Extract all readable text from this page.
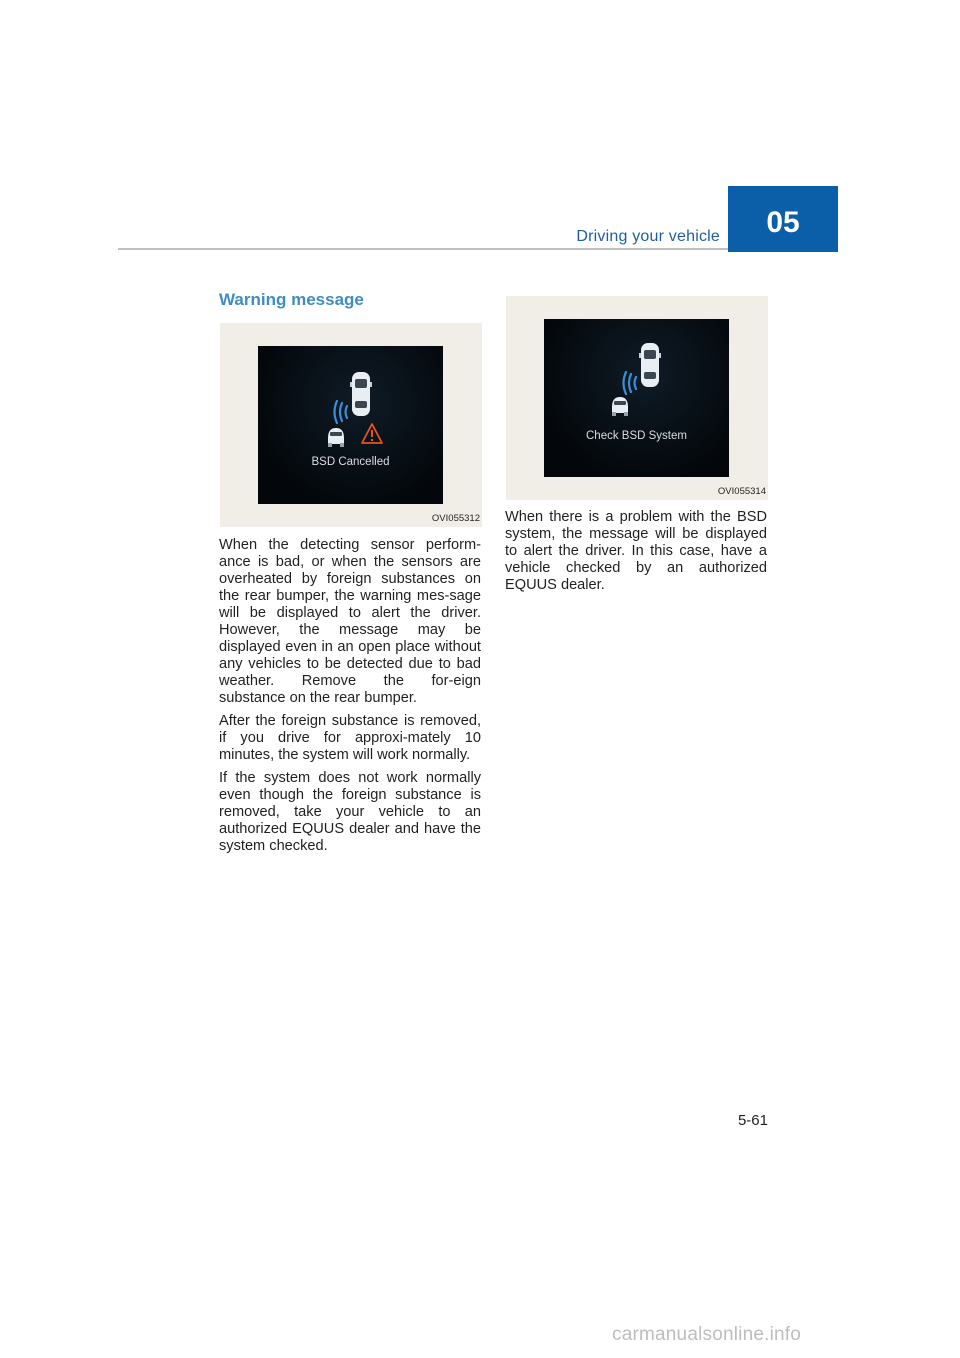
Driving your vehicle	05
Warning message
BSD Cancelled
OVI055312
Check BSD System
OVI055314

When the detecting sensor perform-ance is bad, or when the sensors are overheated by foreign substances on the rear bumper, the warning mes-sage will be displayed to alert the driver. However, the message may be displayed even in an open place without any vehicles to be detected due to bad weather. Remove the for-eign substance on the rear bumper.

After the foreign substance is removed, if you drive for approxi-mately 10 minutes, the system will work normally.

If the system does not work normally even though the foreign substance is removed, take your vehicle to an authorized EQUUS dealer and have the system checked.

When there is a problem with the BSD system, the message will be displayed to alert the driver. In this case, have a vehicle checked by an authorized EQUUS dealer.

5-61
carmanualsonline.info
